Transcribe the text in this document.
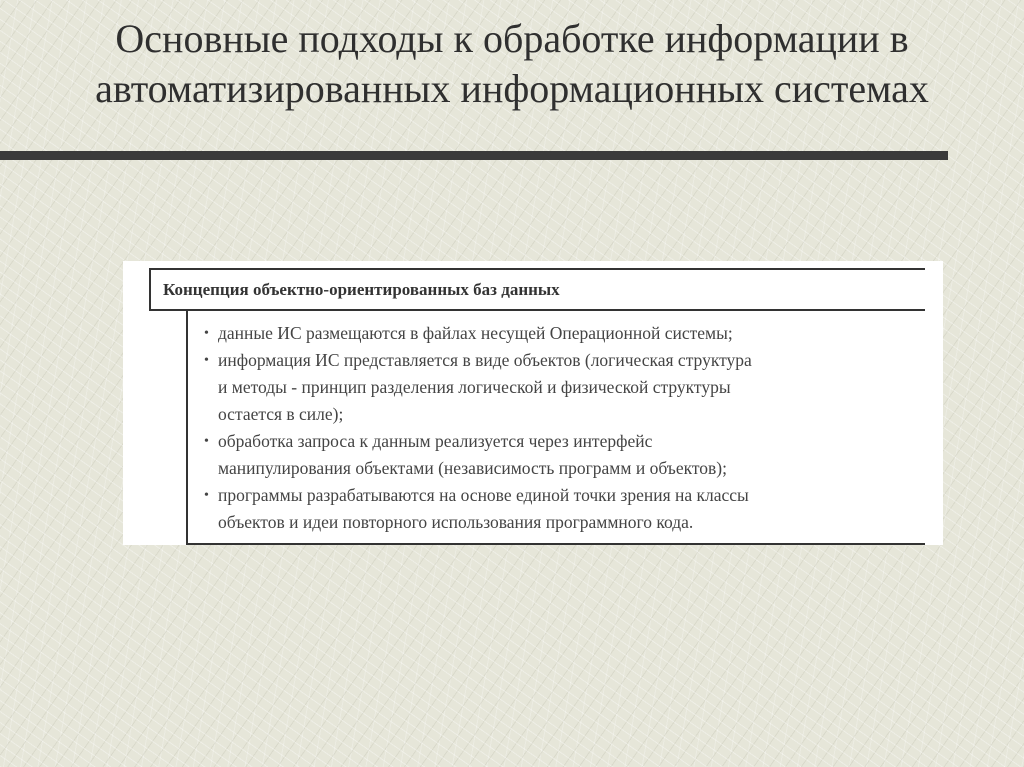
Основные подходы к обработке информации в
автоматизированных информационных системах
Концепция объектно-ориентированных баз данных
• данные ИС размещаются в файлах несущей Операционной системы;
• информация ИС представляется в виде объектов (логическая структура
и методы - принцип разделения логической и физической структуры
остается в силе);
• обработка запроса к данным реализуется через интерфейс
манипулирования объектами (независимость программ и объектов);
• программы разрабатываются на основе единой точки зрения на классы
объектов и идеи повторного использования программного кода.
